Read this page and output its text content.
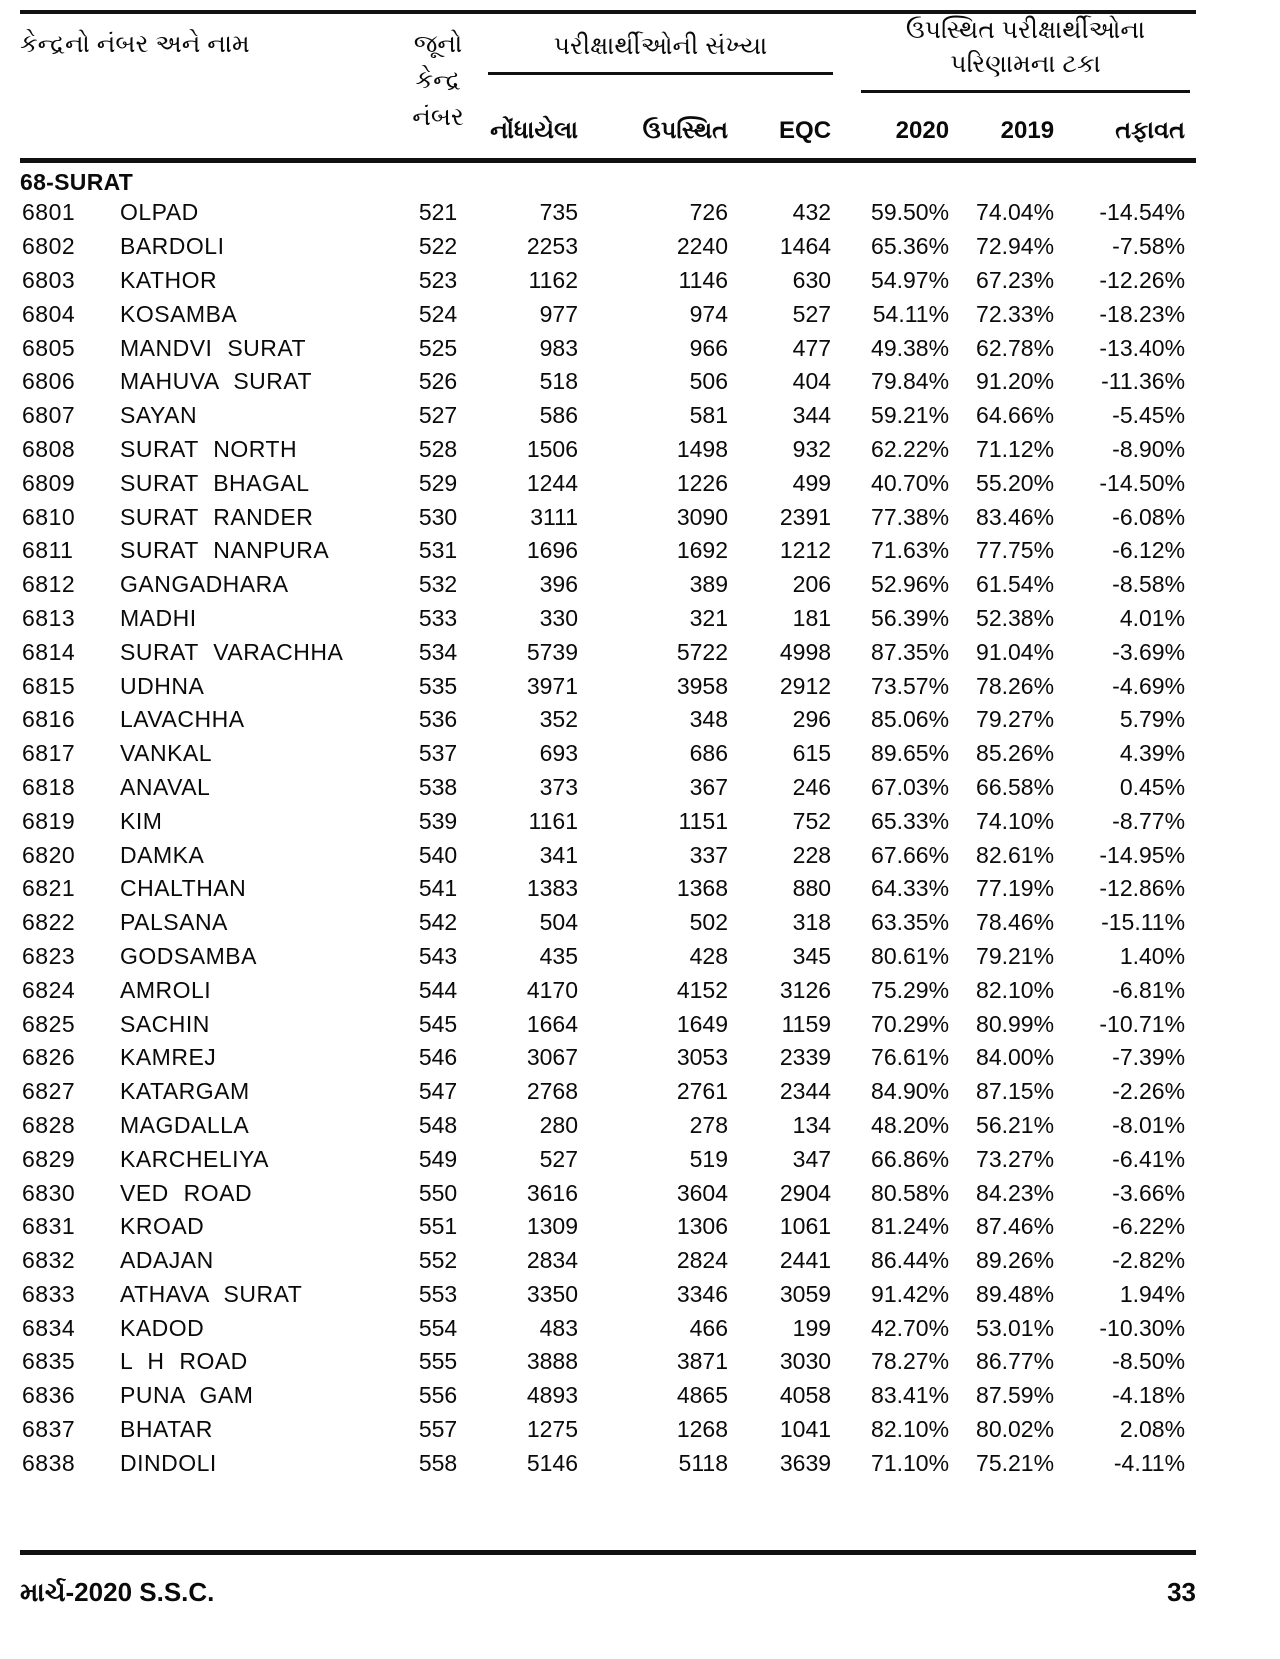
કેન્દ્રનો નંબર અને નામ		જૂનો કેન્દ્ર નંબર	પરીક્ષાર્થીઓની સંખ્યા			ઉપસ્થિત પરીક્ષાર્થીઓના પરિણામના ટકા		

			નોંધાયેલા	ઉપસ્થિત	EQC	2020	2019	તફાવત
68-SURAT								
6801	OLPAD	521	735	726	432	59.50%	74.04%	-14.54%
6802	BARDOLI	522	2253	2240	1464	65.36%	72.94%	-7.58%
6803	KATHOR	523	1162	1146	630	54.97%	67.23%	-12.26%
6804	KOSAMBA	524	977	974	527	54.11%	72.33%	-18.23%
6805	MANDVI SURAT	525	983	966	477	49.38%	62.78%	-13.40%
6806	MAHUVA SURAT	526	518	506	404	79.84%	91.20%	-11.36%
6807	SAYAN	527	586	581	344	59.21%	64.66%	-5.45%
6808	SURAT NORTH	528	1506	1498	932	62.22%	71.12%	-8.90%
6809	SURAT BHAGAL	529	1244	1226	499	40.70%	55.20%	-14.50%
6810	SURAT RANDER	530	3111	3090	2391	77.38%	83.46%	-6.08%
6811	SURAT NANPURA	531	1696	1692	1212	71.63%	77.75%	-6.12%
6812	GANGADHARA	532	396	389	206	52.96%	61.54%	-8.58%
6813	MADHI	533	330	321	181	56.39%	52.38%	4.01%
6814	SURAT VARACHHA	534	5739	5722	4998	87.35%	91.04%	-3.69%
6815	UDHNA	535	3971	3958	2912	73.57%	78.26%	-4.69%
6816	LAVACHHA	536	352	348	296	85.06%	79.27%	5.79%
6817	VANKAL	537	693	686	615	89.65%	85.26%	4.39%
6818	ANAVAL	538	373	367	246	67.03%	66.58%	0.45%
6819	KIM	539	1161	1151	752	65.33%	74.10%	-8.77%
6820	DAMKA	540	341	337	228	67.66%	82.61%	-14.95%
6821	CHALTHAN	541	1383	1368	880	64.33%	77.19%	-12.86%
6822	PALSANA	542	504	502	318	63.35%	78.46%	-15.11%
6823	GODSAMBA	543	435	428	345	80.61%	79.21%	1.40%
6824	AMROLI	544	4170	4152	3126	75.29%	82.10%	-6.81%
6825	SACHIN	545	1664	1649	1159	70.29%	80.99%	-10.71%
6826	KAMREJ	546	3067	3053	2339	76.61%	84.00%	-7.39%
6827	KATARGAM	547	2768	2761	2344	84.90%	87.15%	-2.26%
6828	MAGDALLA	548	280	278	134	48.20%	56.21%	-8.01%
6829	KARCHELIYA	549	527	519	347	66.86%	73.27%	-6.41%
6830	VED ROAD	550	3616	3604	2904	80.58%	84.23%	-3.66%
6831	KROAD	551	1309	1306	1061	81.24%	87.46%	-6.22%
6832	ADAJAN	552	2834	2824	2441	86.44%	89.26%	-2.82%
6833	ATHAVA SURAT	553	3350	3346	3059	91.42%	89.48%	1.94%
6834	KADOD	554	483	466	199	42.70%	53.01%	-10.30%
6835	L H ROAD	555	3888	3871	3030	78.27%	86.77%	-8.50%
6836	PUNA GAM	556	4893	4865	4058	83.41%	87.59%	-4.18%
6837	BHATAR	557	1275	1268	1041	82.10%	80.02%	2.08%
6838	DINDOLI	558	5146	5118	3639	71.10%	75.21%	-4.11%
માર્ચ-2020 S.S.C.	33
